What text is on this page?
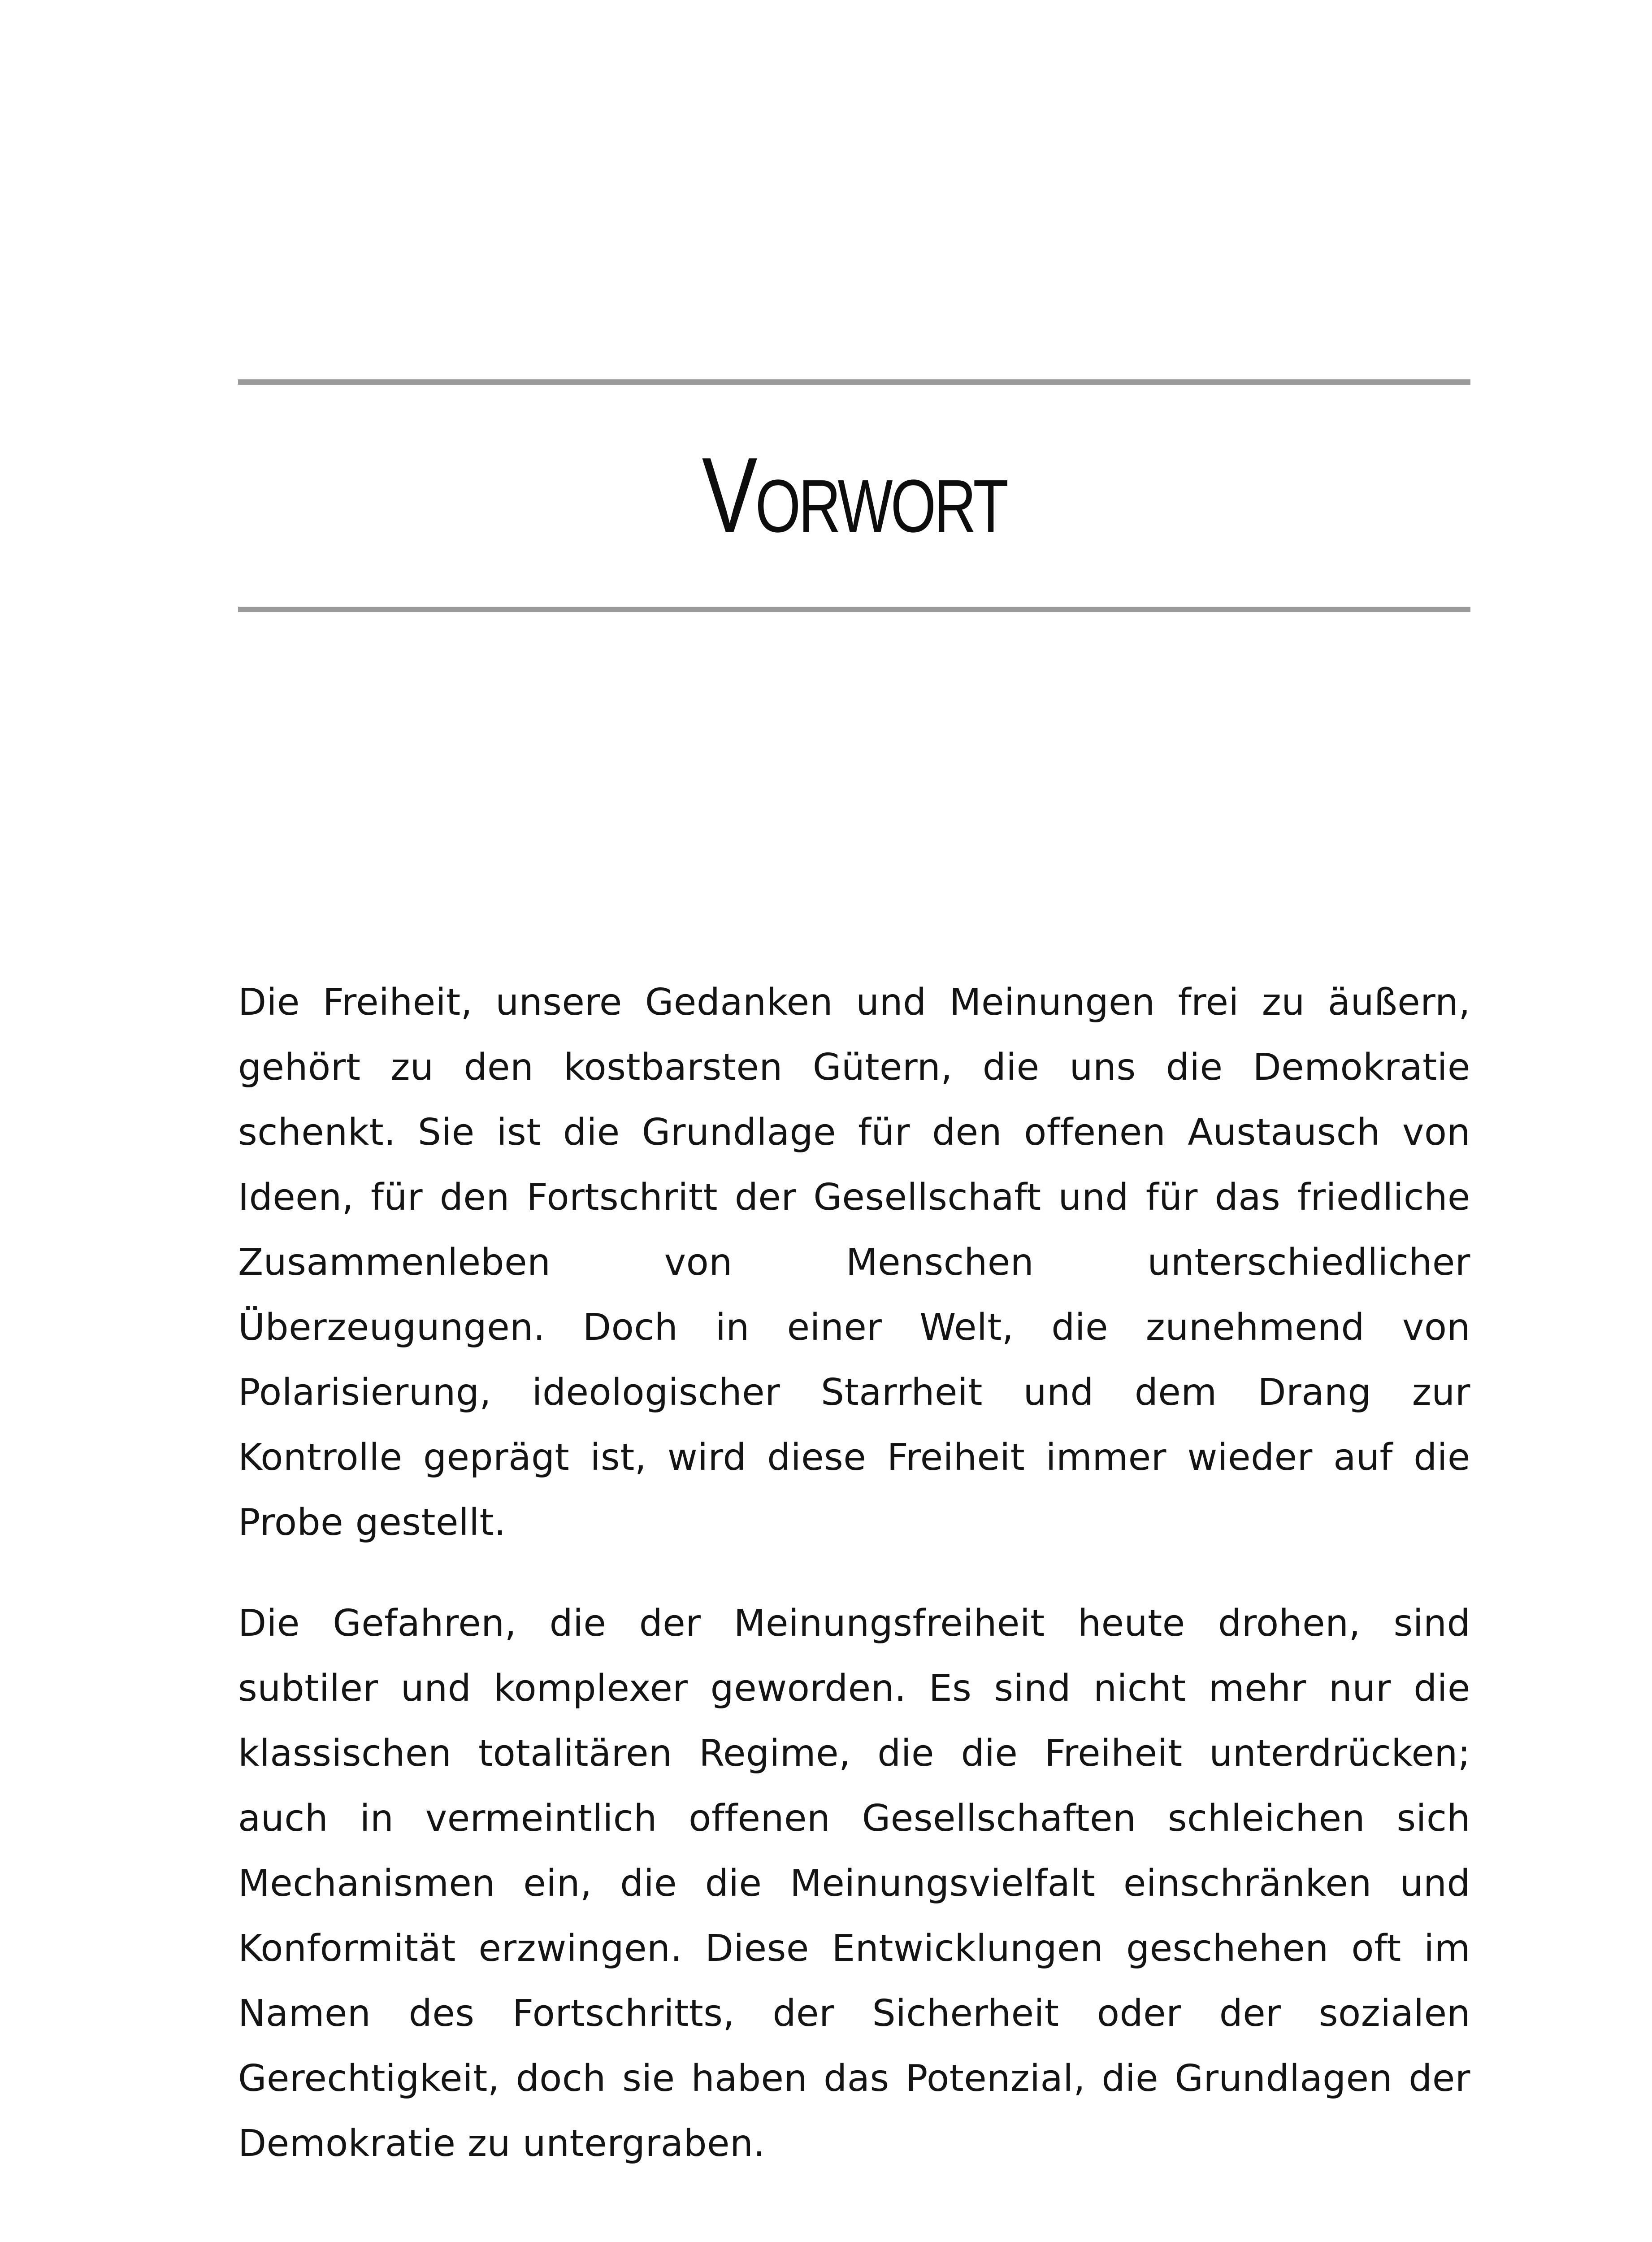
Vorwort

Die Freiheit, unsere Gedanken und Meinungen frei zu äußern, gehört zu den kostbarsten Gütern, die uns die Demokratie schenkt. Sie ist die Grundlage für den offenen Austausch von Ideen, für den Fortschritt der Gesellschaft und für das friedliche Zusammenleben von Menschen unterschiedlicher Überzeugungen. Doch in einer Welt, die zunehmend von Polarisierung, ideologischer Starrheit und dem Drang zur Kontrolle geprägt ist, wird diese Freiheit immer wieder auf die Probe gestellt.

Die Gefahren, die der Meinungsfreiheit heute drohen, sind subtiler und komplexer geworden. Es sind nicht mehr nur die klassischen totalitären Regime, die die Freiheit unterdrücken; auch in vermeintlich offenen Gesellschaften schleichen sich Mechanismen ein, die die Meinungsvielfalt einschränken und Konformität erzwingen. Diese Entwicklungen geschehen oft im Namen des Fortschritts, der Sicherheit oder der sozialen Gerechtigkeit, doch sie haben das Potenzial, die Grundlagen der Demokratie zu untergraben.
